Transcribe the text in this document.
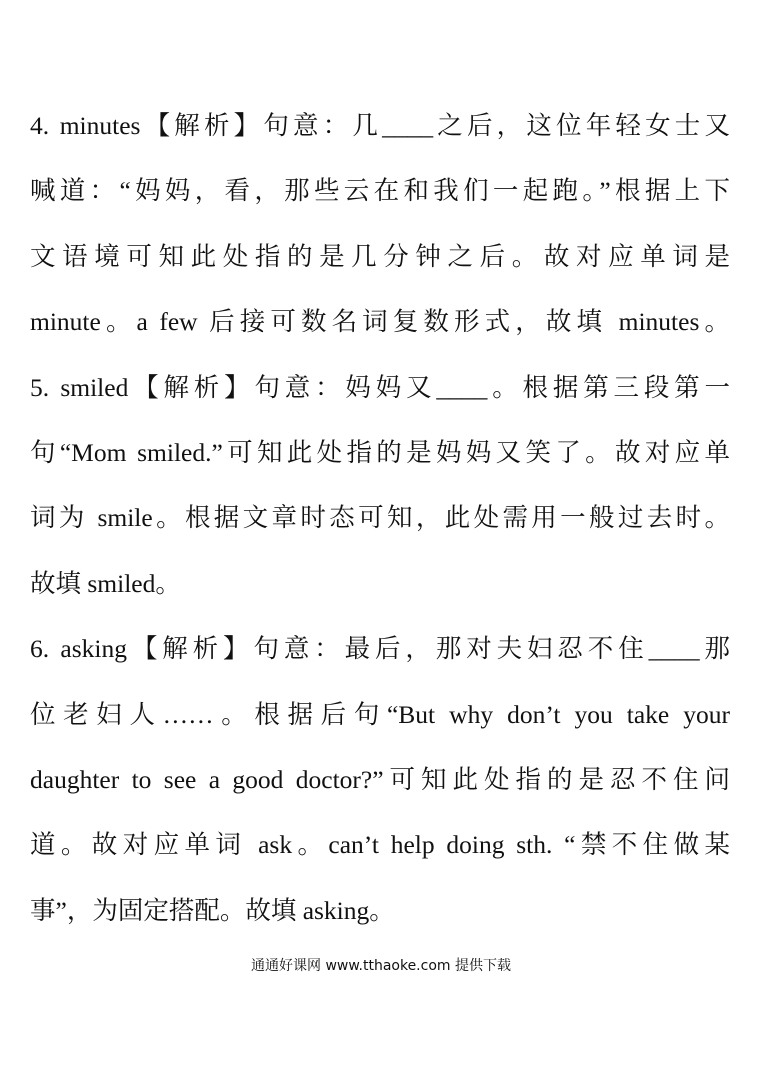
4. minutes【解析】句意：几____之后，这位年轻女士又
喊道：“妈妈，看，那些云在和我们一起跑。”根据上下
文语境可知此处指的是几分钟之后。故对应单词是
minute。a few 后接可数名词复数形式，故填 minutes。
5. smiled【解析】句意：妈妈又____。根据第三段第一
句“Mom smiled.”可知此处指的是妈妈又笑了。故对应单
词为 smile。根据文章时态可知，此处需用一般过去时。
故填 smiled。
6. asking【解析】句意：最后，那对夫妇忍不住____那
位老妇人……。根据后句“But why don’t you take your
daughter to see a good doctor?”可知此处指的是忍不住问
道。故对应单词 ask。can’t help doing sth. “禁不住做某
事”，为固定搭配。故填 asking。
通通好课网 www.tthaoke.com 提供下载
